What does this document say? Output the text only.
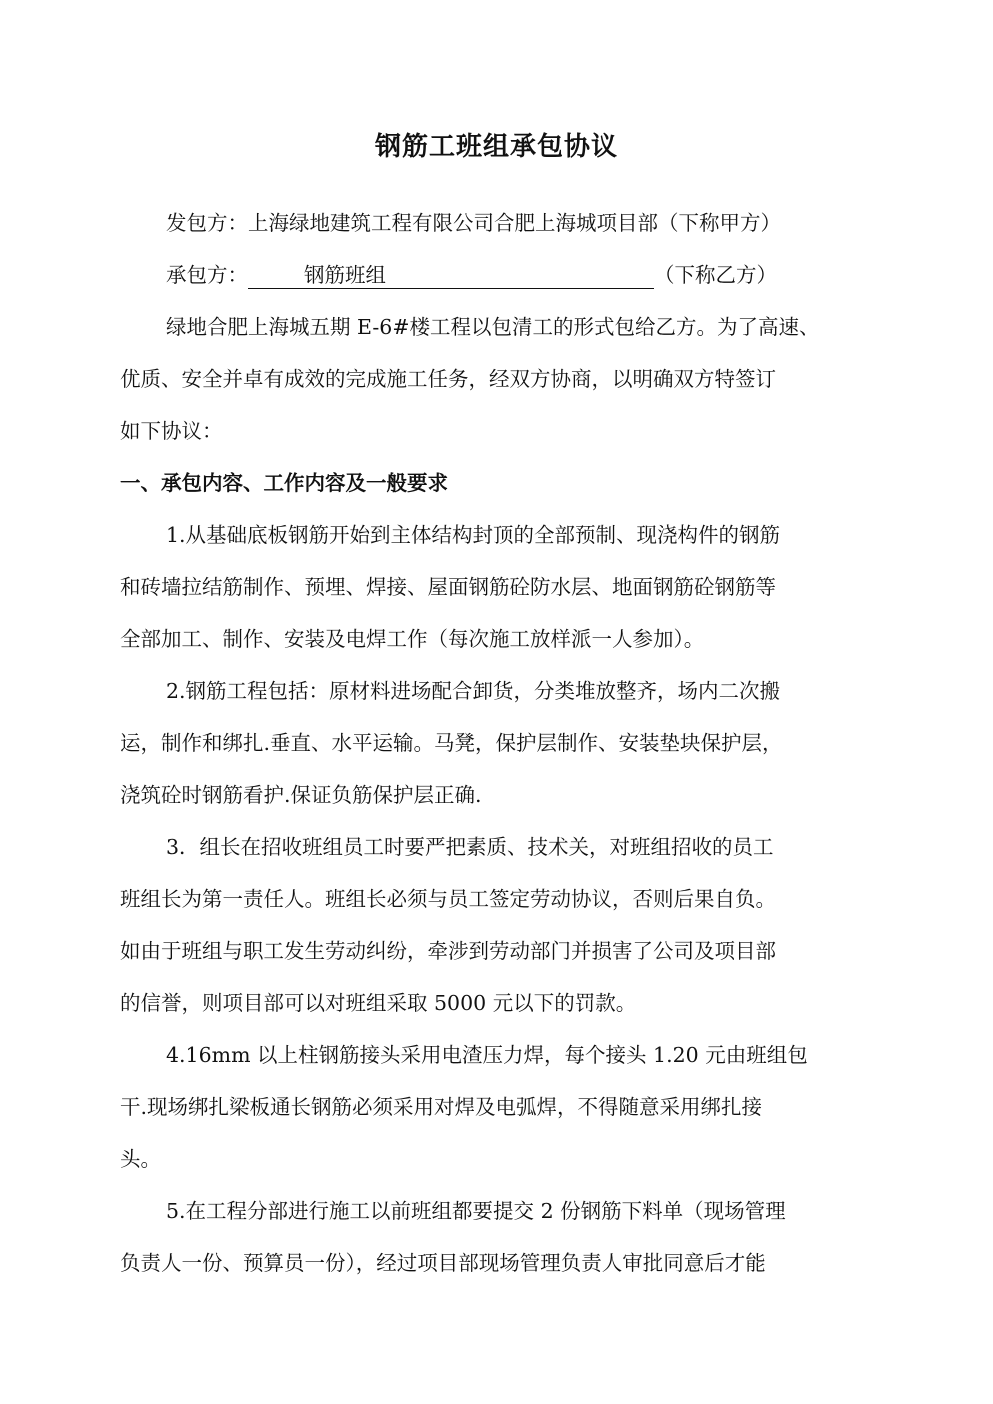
钢筋工班组承包协议
发包方：上海绿地建筑工程有限公司合肥上海城项目部（下称甲方）
承包方：	钢筋班组	（下称乙方）
绿地合肥上海城五期 E-6#楼工程以包清工的形式包给乙方。为了高速、
优质、安全并卓有成效的完成施工任务，经双方协商，以明确双方特签订
如下协议：
一、承包内容、工作内容及一般要求
1.从基础底板钢筋开始到主体结构封顶的全部预制、现浇构件的钢筋
和砖墙拉结筋制作、预埋、焊接、屋面钢筋砼防水层、地面钢筋砼钢筋等
全部加工、制作、安装及电焊工作（每次施工放样派一人参加）。
2.钢筋工程包括：原材料进场配合卸货，分类堆放整齐，场内二次搬
运，制作和绑扎.垂直、水平运输。马凳，保护层制作、安装垫块保护层，
浇筑砼时钢筋看护.保证负筋保护层正确.
3．组长在招收班组员工时要严把素质、技术关，对班组招收的员工
班组长为第一责任人。班组长必须与员工签定劳动协议，否则后果自负。
如由于班组与职工发生劳动纠纷，牵涉到劳动部门并损害了公司及项目部
的信誉，则项目部可以对班组采取 5000 元以下的罚款。
4.16mm 以上柱钢筋接头采用电渣压力焊，每个接头 1.20 元由班组包
干.现场绑扎梁板通长钢筋必须采用对焊及电弧焊，不得随意采用绑扎接
头。
5.在工程分部进行施工以前班组都要提交 2 份钢筋下料单（现场管理
负责人一份、预算员一份），经过项目部现场管理负责人审批同意后才能
